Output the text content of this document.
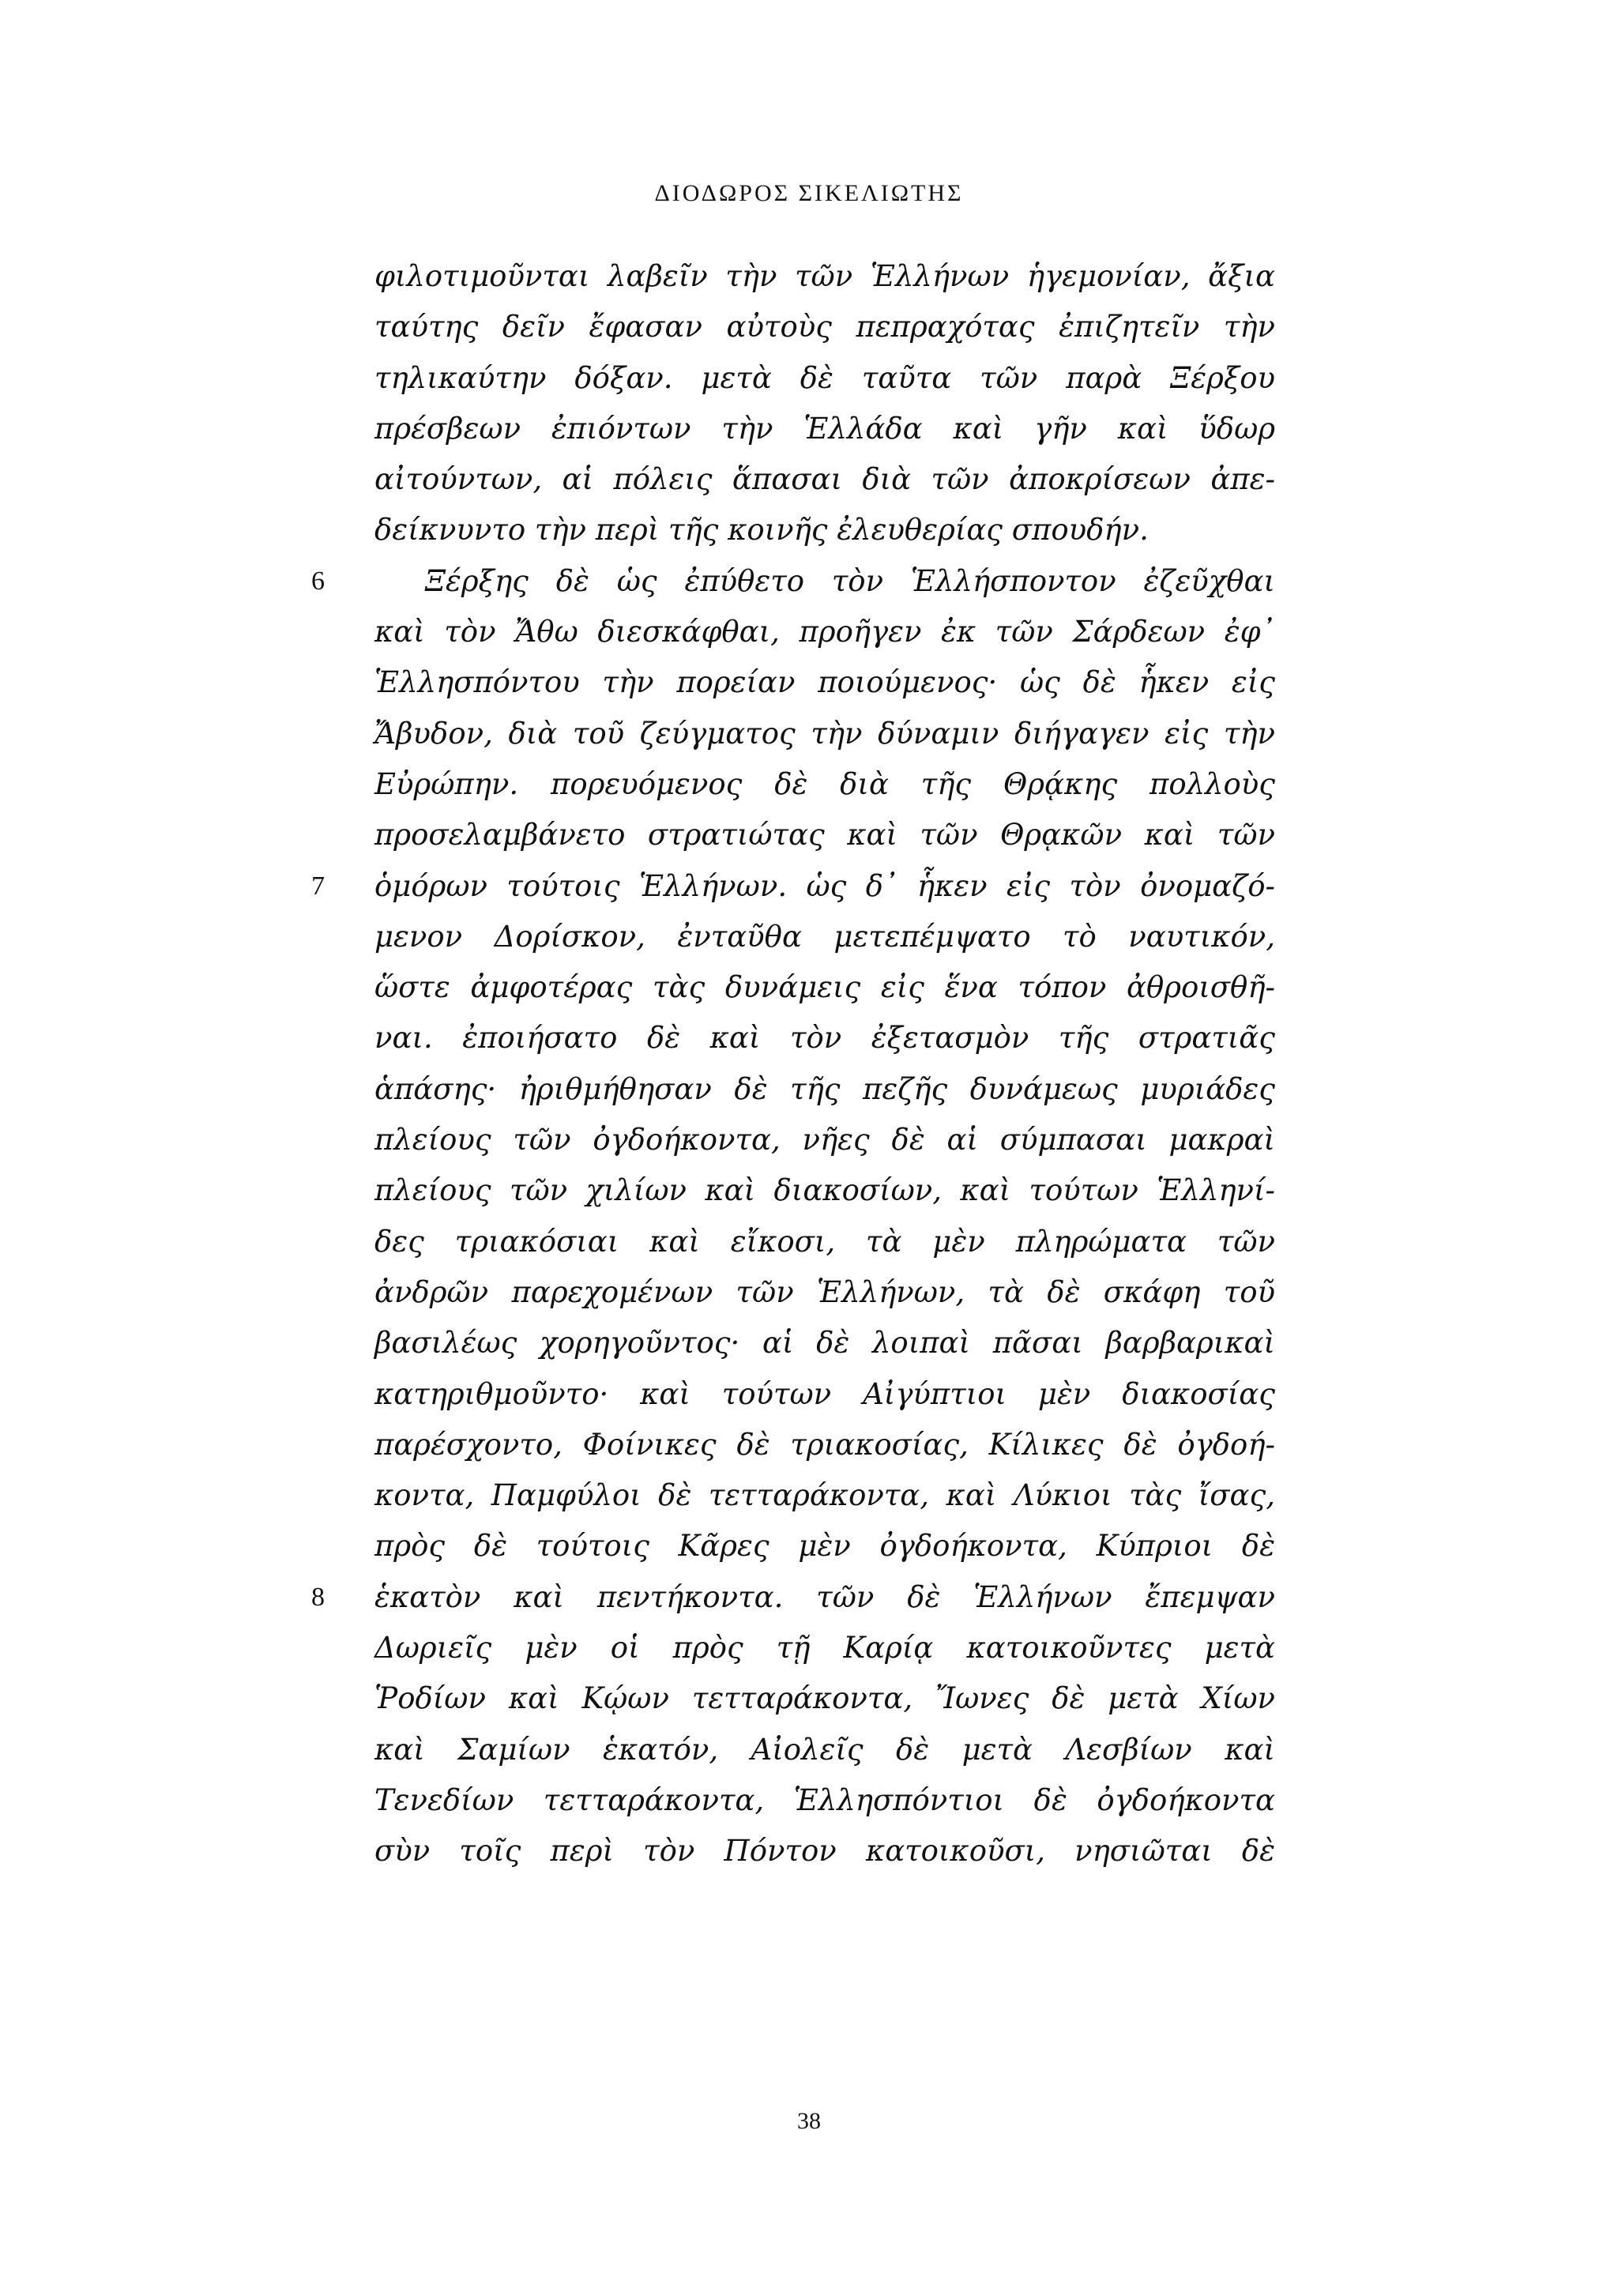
ΔΙΟΔΩΡΟΣ ΣΙΚΕΛΙΩΤΗΣ
φιλοτιμοῦνται λαβεῖν τὴν τῶν Ἑλλήνων ἡγεμονίαν, ἄξια
ταύτης δεῖν ἔφασαν αὐτοὺς πεπραχότας ἐπιζητεῖν τὴν
τηλικαύτην δόξαν. μετὰ δὲ ταῦτα τῶν παρὰ Ξέρξου
πρέσβεων ἐπιόντων τὴν Ἑλλάδα καὶ γῆν καὶ ὕδωρ
αἰτούντων, αἱ πόλεις ἅπασαι διὰ τῶν ἀποκρίσεων ἀπε-
δείκνυντο τὴν περὶ τῆς κοινῆς ἐλευθερίας σπουδήν.
6	Ξέρξης δὲ ὡς ἐπύθετο τὸν Ἑλλήσποντον ἐζεῦχθαι
καὶ τὸν Ἄθω διεσκάφθαι, προῆγεν ἐκ τῶν Σάρδεων ἐφ᾽
Ἑλλησπόντου τὴν πορείαν ποιούμενος· ὡς δὲ ἧκεν εἰς
Ἄβυδον, διὰ τοῦ ζεύγματος τὴν δύναμιν διήγαγεν εἰς τὴν
Εὐρώπην. πορευόμενος δὲ διὰ τῆς Θρᾴκης πολλοὺς
προσελαμβάνετο στρατιώτας καὶ τῶν Θρᾳκῶν καὶ τῶν
7 ὁμόρων τούτοις Ἑλλήνων. ὡς δ᾽ ἧκεν εἰς τὸν ὀνομαζό-
μενον Δορίσκον, ἐνταῦθα μετεπέμψατο τὸ ναυτικόν,
ὥστε ἀμφοτέρας τὰς δυνάμεις εἰς ἕνα τόπον ἀθροισθῆ-
ναι. ἐποιήσατο δὲ καὶ τὸν ἐξετασμὸν τῆς στρατιᾶς
ἁπάσης· ἠριθμήθησαν δὲ τῆς πεζῆς δυνάμεως μυριάδες
πλείους τῶν ὀγδοήκοντα, νῆες δὲ αἱ σύμπασαι μακραὶ
πλείους τῶν χιλίων καὶ διακοσίων, καὶ τούτων Ἑλληνί-
δες τριακόσιαι καὶ εἴκοσι, τὰ μὲν πληρώματα τῶν
ἀνδρῶν παρεχομένων τῶν Ἑλλήνων, τὰ δὲ σκάφη τοῦ
βασιλέως χορηγοῦντος· αἱ δὲ λοιπαὶ πᾶσαι βαρβαρικαὶ
κατηριθμοῦντο· καὶ τούτων Αἰγύπτιοι μὲν διακοσίας
παρέσχοντο, Φοίνικες δὲ τριακοσίας, Κίλικες δὲ ὀγδοή-
κοντα, Παμφύλοι δὲ τετταράκοντα, καὶ Λύκιοι τὰς ἴσας,
πρὸς δὲ τούτοις Κᾶρες μὲν ὀγδοήκοντα, Κύπριοι δὲ
8 ἑκατὸν καὶ πεντήκοντα. τῶν δὲ Ἑλλήνων ἔπεμψαν
Δωριεῖς μὲν οἱ πρὸς τῇ Καρίᾳ κατοικοῦντες μετὰ
Ῥοδίων καὶ Κῴων τετταράκοντα, Ἴωνες δὲ μετὰ Χίων
καὶ Σαμίων ἑκατόν, Αἰολεῖς δὲ μετὰ Λεσβίων καὶ
Τενεδίων τετταράκοντα, Ἑλλησπόντιοι δὲ ὀγδοήκοντα
σὺν τοῖς περὶ τὸν Πόντον κατοικοῦσι, νησιῶται δὲ
38
